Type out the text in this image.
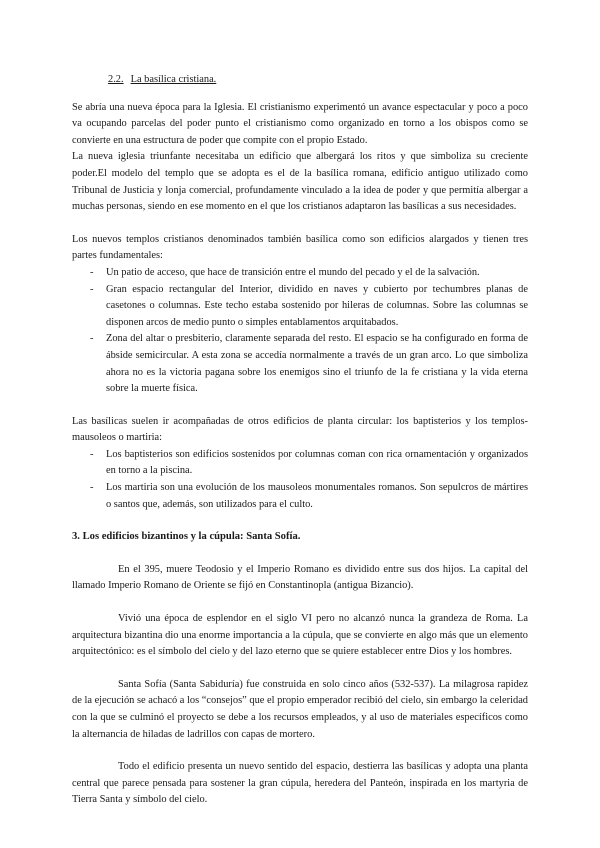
2.2. La basílica cristiana.

Se abría una nueva época para la Iglesia. El cristianismo experimentó un avance espectacular y poco a poco va ocupando parcelas del poder punto el cristianismo como organizado en torno a los obispos como se convierte en una estructura de poder que compite con el propio Estado.

La nueva iglesia triunfante necesitaba un edificio que albergará los ritos y que simboliza su creciente poder.El modelo del templo que se adopta es el de la basílica romana, edificio antiguo utilizado como Tribunal de Justicia y lonja comercial, profundamente vinculado a la idea de poder y que permitía albergar a muchas personas, siendo en ese momento en el que los cristianos adaptaron las basílicas a sus necesidades.

Los nuevos templos cristianos denominados también basílica como son edificios alargados y tienen tres partes fundamentales:

- Un patio de acceso, que hace de transición entre el mundo del pecado y el de la salvación.
- Gran espacio rectangular del Interior, dividido en naves y cubierto por techumbres planas de casetones o columnas. Este techo estaba sostenido por hileras de columnas. Sobre las columnas se disponen arcos de medio punto o simples entablamentos arquitabados.
- Zona del altar o presbiterio, claramente separada del resto. El espacio se ha configurado en forma de ábside semicircular. A esta zona se accedía normalmente a través de un gran arco. Lo que simboliza ahora no es la victoria pagana sobre los enemigos sino el triunfo de la fe cristiana y la vida eterna sobre la muerte física.

Las basílicas suelen ir acompañadas de otros edificios de planta circular: los baptisterios y los templos-mausoleos o martiria:

- Los baptisterios son edificios sostenidos por columnas coman con rica ornamentación y organizados en torno a la piscina.
- Los martiria son una evolución de los mausoleos monumentales romanos. Son sepulcros de mártires o santos que, además, son utilizados para el culto.
3. Los edificios bizantinos y la cúpula: Santa Sofía.

En el 395, muere Teodosio y el Imperio Romano es dividido entre sus dos hijos. La capital del llamado Imperio Romano de Oriente se fijó en Constantinopla (antigua Bizancio).

Vivió una época de esplendor en el siglo VI pero no alcanzó nunca la grandeza de Roma. La arquitectura bizantina dio una enorme importancia a la cúpula, que se convierte en algo más que un elemento arquitectónico: es el símbolo del cielo y del lazo eterno que se quiere establecer entre Dios y los hombres.

Santa Sofía (Santa Sabiduría) fue construida en solo cinco años (532-537). La milagrosa rapidez de la ejecución se achacó a los “consejos” que el propio emperador recibió del cielo, sin embargo la celeridad con la que se culminó el proyecto se debe a los recursos empleados, y al uso de materiales específicos como la alternancia de hiladas de ladrillos con capas de mortero.

Todo el edificio presenta un nuevo sentido del espacio, destierra las basílicas y adopta una planta central que parece pensada para sostener la gran cúpula, heredera del Panteón, inspirada en los martyria de Tierra Santa y símbolo del cielo.
